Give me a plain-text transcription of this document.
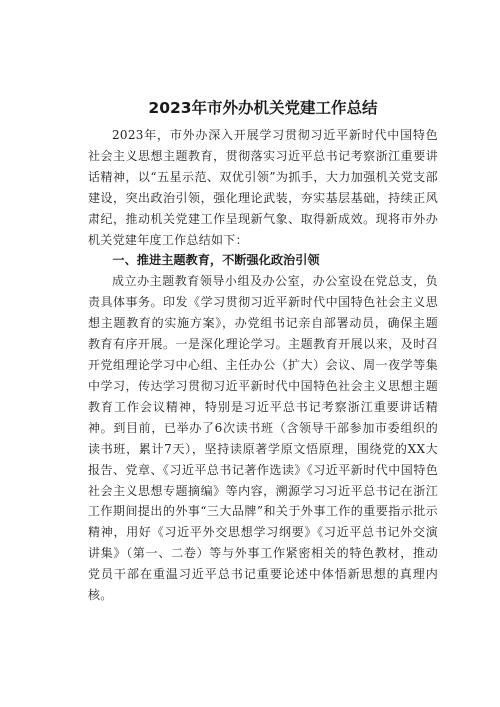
2023年市外办机关党建工作总结

2023年，市外办深入开展学习贯彻习近平新时代中国特色社会主义思想主题教育，贯彻落实习近平总书记考察浙江重要讲话精神，以“五星示范、双优引领”为抓手，大力加强机关党支部建设，突出政治引领，强化理论武装，夯实基层基础，持续正风肃纪，推动机关党建工作呈现新气象、取得新成效。现将市外办机关党建年度工作总结如下：

一、推进主题教育，不断强化政治引领

成立办主题教育领导小组及办公室，办公室设在党总支，负责具体事务。印发《学习贯彻习近平新时代中国特色社会主义思想主题教育的实施方案》，办党组书记亲自部署动员，确保主题教育有序开展。一是深化理论学习。主题教育开展以来，及时召开党组理论学习中心组、主任办公（扩大）会议、周一夜学等集中学习，传达学习贯彻习近平新时代中国特色社会主义思想主题教育工作会议精神，特别是习近平总书记考察浙江重要讲话精神。到目前，已举办了6次读书班（含领导干部参加市委组织的读书班，累计7天），坚持读原著学原文悟原理，围绕党的XX大报告、党章、《习近平总书记著作选读》《习近平新时代中国特色社会主义思想专题摘编》等内容，溯源学习习近平总书记在浙江工作期间提出的外事“三大品牌”和关于外事工作的重要指示批示精神，用好《习近平外交思想学习纲要》《习近平总书记外交演讲集》（第一、二卷）等与外事工作紧密相关的特色教材，推动党员干部在重温习近平总书记重要论述中体悟新思想的真理内核。
